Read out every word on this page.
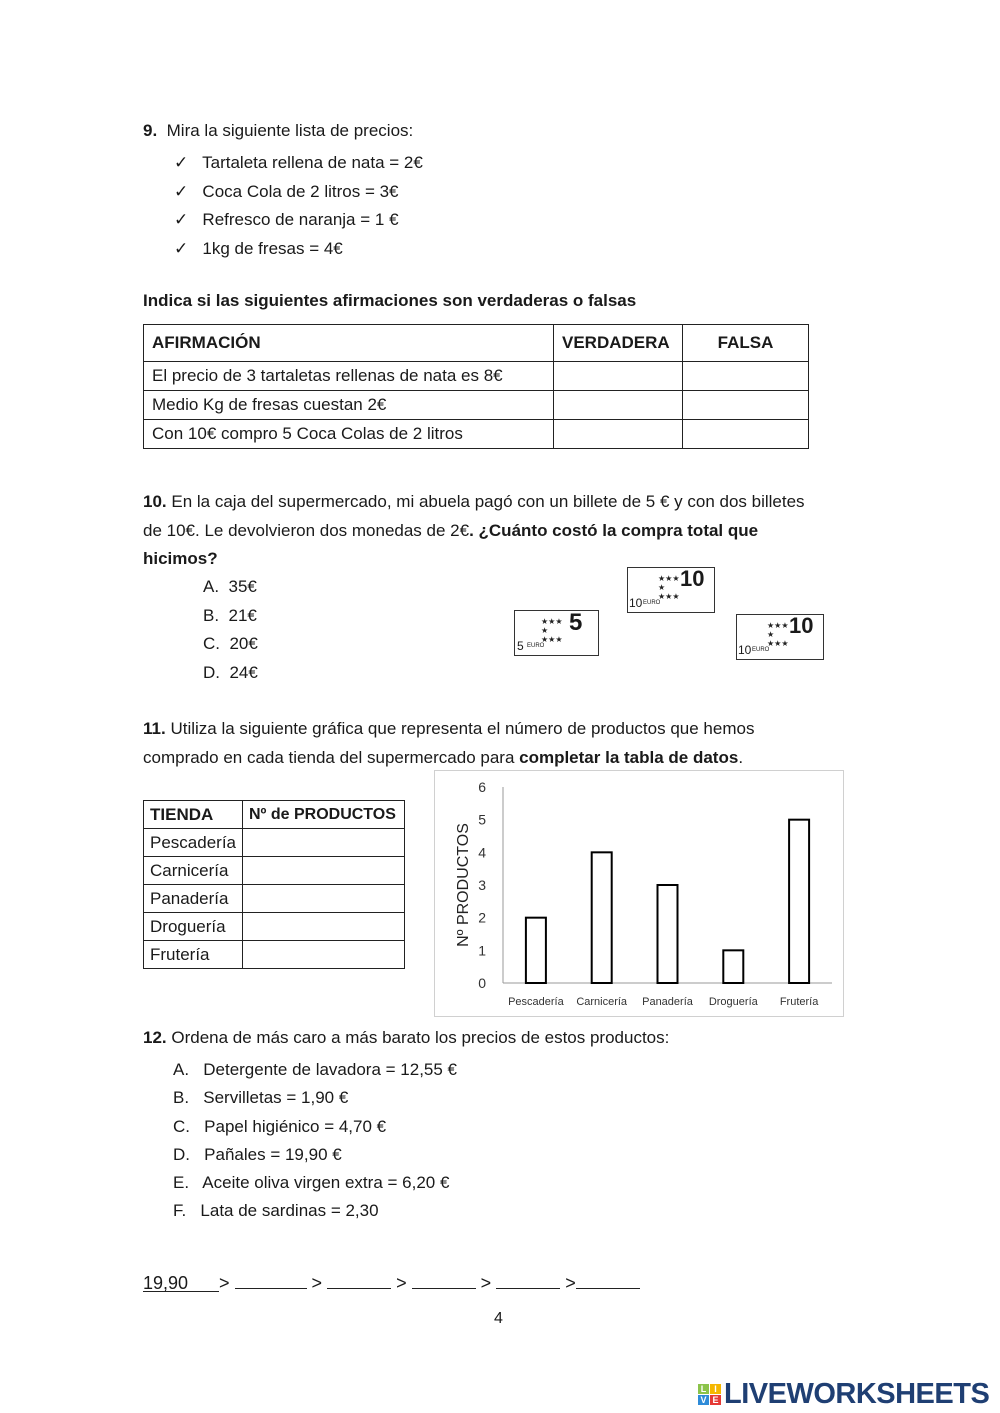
9. Mira la siguiente lista de precios:
✓ Tartaleta rellena de nata = 2€
✓ Coca Cola de 2 litros = 3€
✓ Refresco de naranja = 1 €
✓ 1kg de fresas = 4€
Indica si las siguientes afirmaciones son verdaderas o falsas
AFIRMACIÓN	VERDADERA	FALSA
El precio de 3 tartaletas rellenas de nata es 8€		
Medio Kg de fresas cuestan 2€		
Con 10€ compro 5 Coca Colas de 2 litros		
10. En la caja del supermercado, mi abuela pagó con un billete de 5 € y con dos billetes
de 10€. Le devolvieron dos monedas de 2€. ¿Cuánto costó la compra total que
hicimos?
A. 35€
B. 21€
C. 20€
D. 24€
5
5 EURO
★★★
★
★★★
10
10 EURO
★★★
★
★★★
10
10 EURO
★★★
★
★★★
11. Utiliza la siguiente gráfica que representa el número de productos que hemos
comprado en cada tienda del supermercado para completar la tabla de datos.
TIENDA	Nº de PRODUCTOS
Pescadería	
Carnicería	
Panadería	
Droguería	
Frutería	
Nº PRODUCTOS
0
1
2
3
4
5
6
Pescadería Carnicería Panadería Droguería Frutería
12. Ordena de más caro a más barato los precios de estos productos:
A. Detergente de lavadora = 12,55 €
B. Servilletas = 1,90 €
C. Papel higiénico = 4,70 €
D. Pañales = 19,90 €
E. Aceite oliva virgen extra = 6,20 €
F. Lata de sardinas = 2,30
19,90 >	>	>	>	>
4
L I
V E LIVEWORKSHEETS
